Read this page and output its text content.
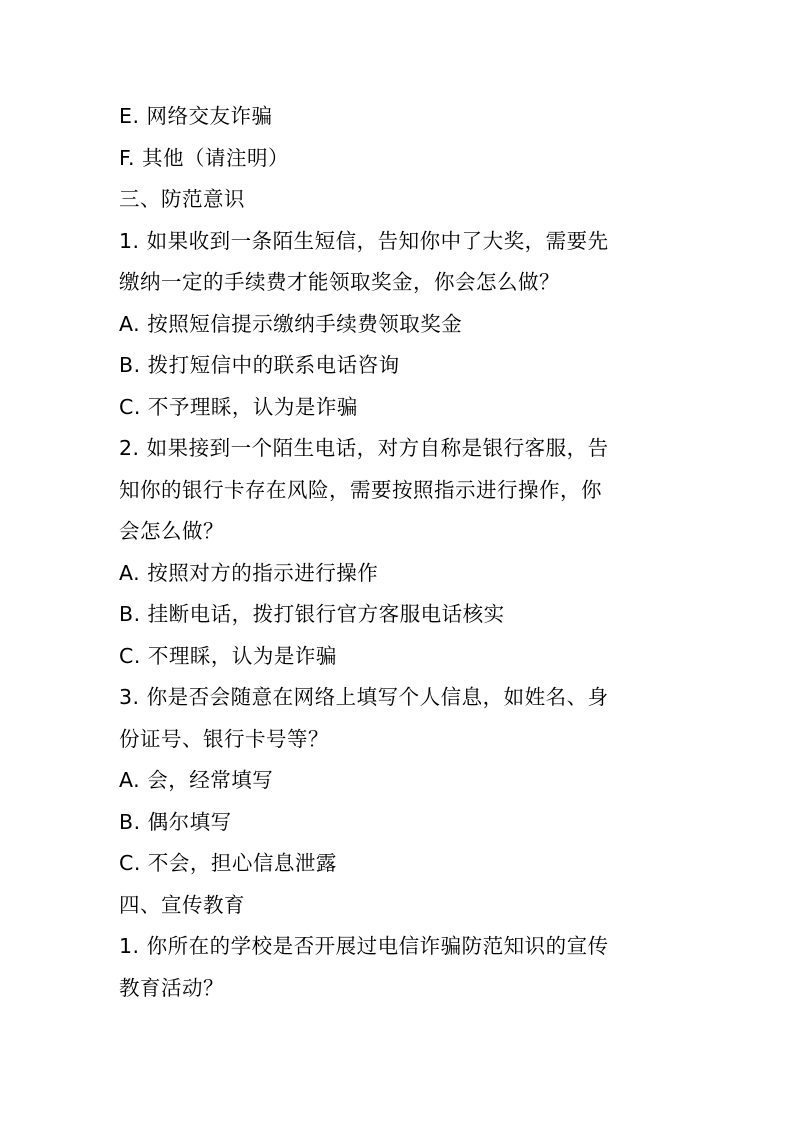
E. 网络交友诈骗
F. 其他（请注明）
三、防范意识
1. 如果收到一条陌生短信，告知你中了大奖，需要先
缴纳一定的手续费才能领取奖金，你会怎么做？
A. 按照短信提示缴纳手续费领取奖金
B. 拨打短信中的联系电话咨询
C. 不予理睬，认为是诈骗
2. 如果接到一个陌生电话，对方自称是银行客服，告
知你的银行卡存在风险，需要按照指示进行操作，你
会怎么做？
A. 按照对方的指示进行操作
B. 挂断电话，拨打银行官方客服电话核实
C. 不理睬，认为是诈骗
3. 你是否会随意在网络上填写个人信息，如姓名、身
份证号、银行卡号等？
A. 会，经常填写
B. 偶尔填写
C. 不会，担心信息泄露
四、宣传教育
1. 你所在的学校是否开展过电信诈骗防范知识的宣传
教育活动？
